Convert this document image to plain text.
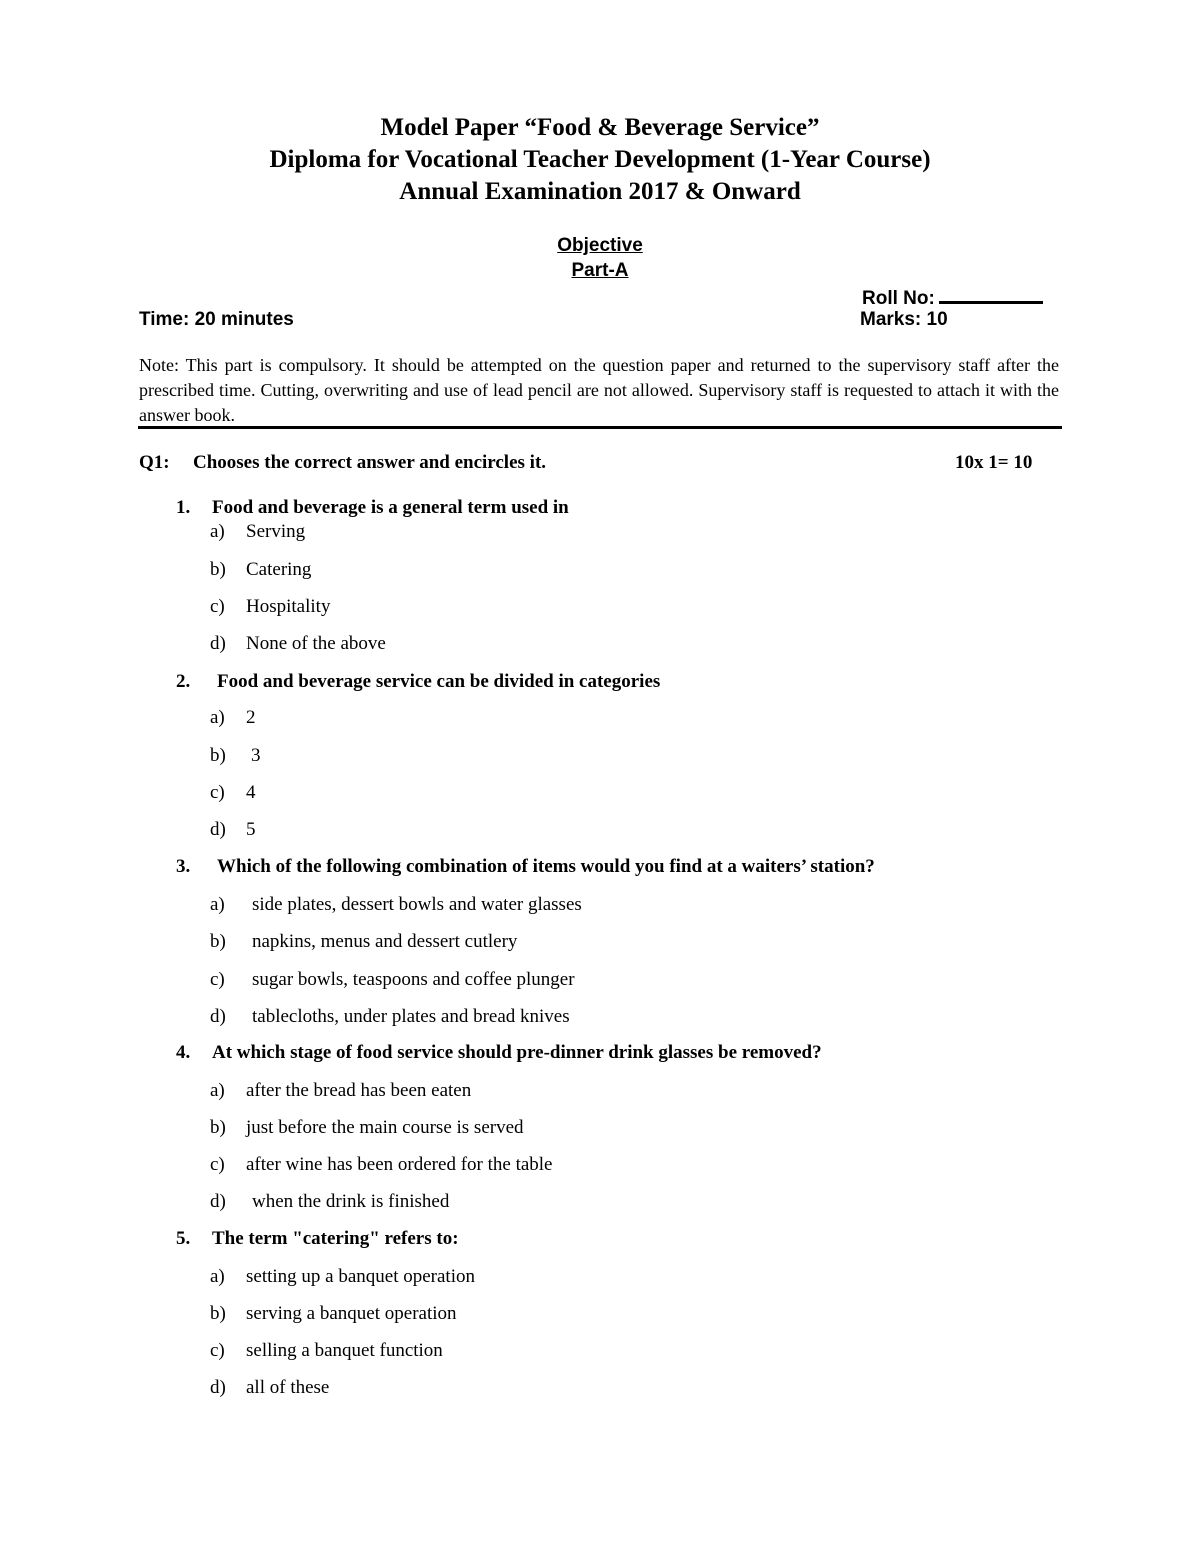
Model Paper “Food & Beverage Service”
Diploma for Vocational Teacher Development (1-Year Course)
Annual Examination 2017 & Onward
Objective
Part-A
Roll No:
Time: 20 minutes	Marks: 10
Note: This part is compulsory. It should be attempted on the question paper and returned to the supervisory staff after the prescribed time. Cutting, overwriting and use of lead pencil are not allowed. Supervisory staff is requested to attach it with the answer book.
Q1: Chooses the correct answer and encircles it.	10x 1= 10
1. Food and beverage is a general term used in
a) Serving
b) Catering
c) Hospitality
d) None of the above
2. Food and beverage service can be divided in categories
a) 2
b) 3
c) 4
d) 5
3. Which of the following combination of items would you find at a waiters’ station?
a) side plates, dessert bowls and water glasses
b) napkins, menus and dessert cutlery
c) sugar bowls, teaspoons and coffee plunger
d) tablecloths, under plates and bread knives
4. At which stage of food service should pre-dinner drink glasses be removed?
a) after the bread has been eaten
b) just before the main course is served
c) after wine has been ordered for the table
d) when the drink is finished
5. The term "catering" refers to:
a) setting up a banquet operation
b) serving a banquet operation
c) selling a banquet function
d) all of these
